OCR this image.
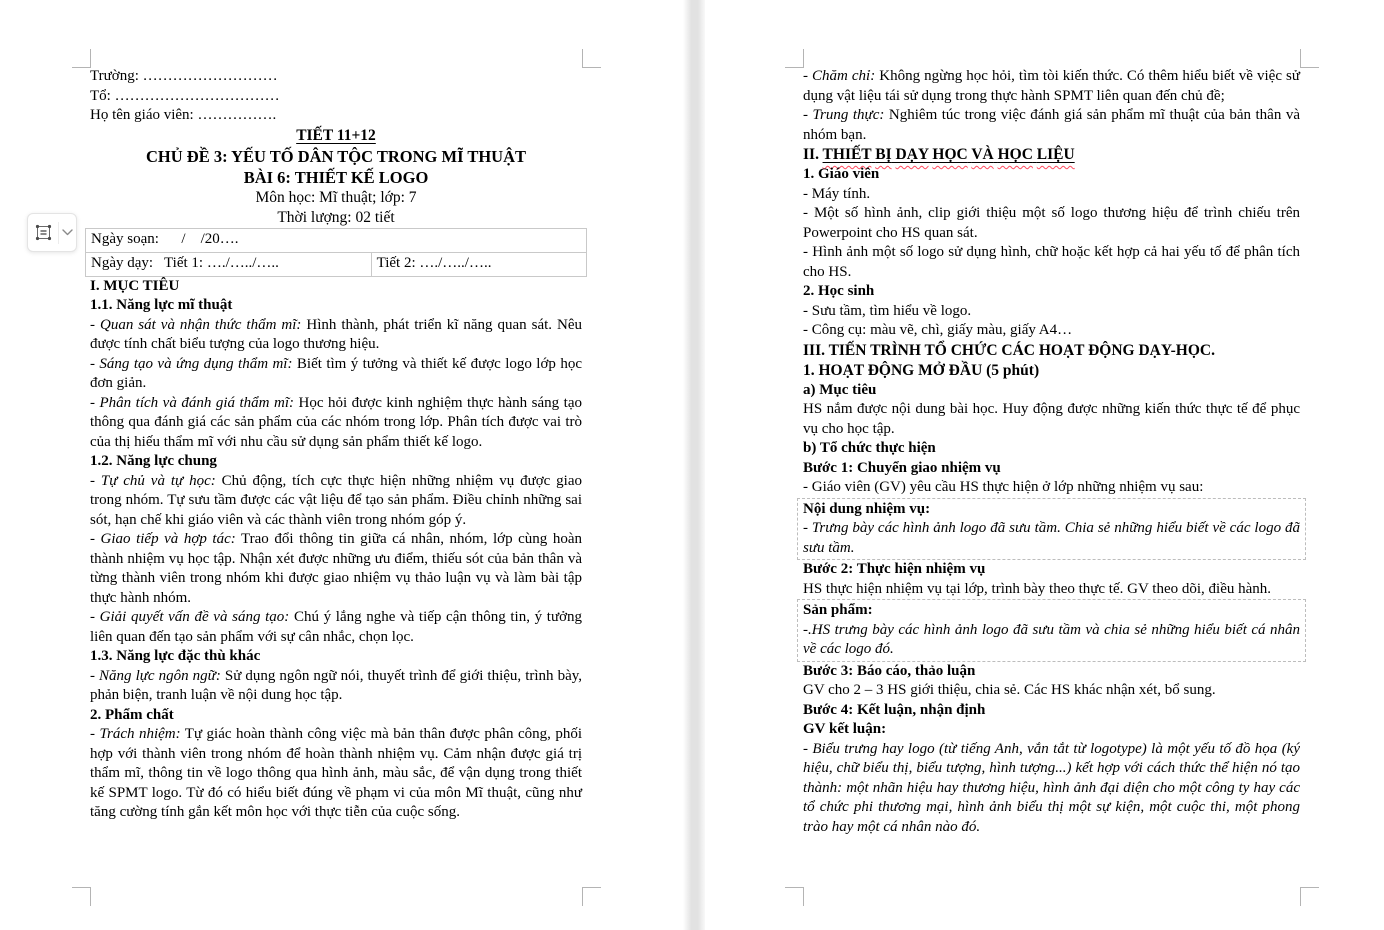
Trường: ………………………
Tổ: ……………………………
Họ tên giáo viên: …………….
TIẾT 11+12
CHỦ ĐỀ 3: YẾU TỐ DÂN TỘC TRONG MĨ THUẬT
BÀI 6: THIẾT KẾ LOGO
Môn học: Mĩ thuật; lớp: 7
Thời lượng: 02 tiết
Ngày soạn:      /    /20….
Ngày dạy:   Tiết 1: …./…../…..	Tiết 2: …./…../…..
I. MỤC TIÊU
1.1. Năng lực mĩ thuật
- Quan sát và nhận thức thẩm mĩ: Hình thành, phát triển kĩ năng quan sát. Nêu được tính chất biểu tượng của logo thương hiệu.
- Sáng tạo và ứng dụng thẩm mĩ: Biết tìm ý tưởng và thiết kế được logo lớp học đơn giản.
- Phân tích và đánh giá thẩm mĩ: Học hỏi được kinh nghiệm thực hành sáng tạo thông qua đánh giá các sản phẩm của các nhóm trong lớp. Phân tích được vai trò của thị hiếu thẩm mĩ với nhu cầu sử dụng sản phẩm thiết kế logo.
1.2. Năng lực chung
- Tự chủ và tự học: Chủ động, tích cực thực hiện những nhiệm vụ được giao trong nhóm. Tự sưu tầm được các vật liệu để tạo sản phẩm. Điều chỉnh những sai sót, hạn chế khi giáo viên và các thành viên trong nhóm góp ý.
- Giao tiếp và hợp tác: Trao đổi thông tin giữa cá nhân, nhóm, lớp cùng hoàn thành nhiệm vụ học tập. Nhận xét được những ưu điểm, thiếu sót của bản thân và từng thành viên trong nhóm khi được giao nhiệm vụ thảo luận vụ và làm bài tập thực hành nhóm.
- Giải quyết vấn đề và sáng tạo: Chú ý lắng nghe và tiếp cận thông tin, ý tưởng liên quan đến tạo sản phẩm với sự cân nhắc, chọn lọc.
1.3. Năng lực đặc thù khác
- Năng lực ngôn ngữ: Sử dụng ngôn ngữ nói, thuyết trình để giới thiệu, trình bày, phản biện, tranh luận về nội dung học tập.
2. Phẩm chất
- Trách nhiệm: Tự giác hoàn thành công việc mà bản thân được phân công, phối hợp với thành viên trong nhóm để hoàn thành nhiệm vụ. Cảm nhận được giá trị thẩm mĩ, thông tin về logo thông qua hình ảnh, màu sắc, để vận dụng trong thiết kế SPMT logo. Từ đó có hiểu biết đúng về phạm vi của môn Mĩ thuật, cũng như tăng cường tính gắn kết môn học với thực tiễn của cuộc sống.
- Chăm chỉ: Không ngừng học hỏi, tìm tòi kiến thức. Có thêm hiểu biết về việc sử dụng vật liệu tái sử dụng trong thực hành SPMT liên quan đến chủ đề;
- Trung thực: Nghiêm túc trong việc đánh giá sản phẩm mĩ thuật của bản thân và nhóm bạn.
II. THIẾT BỊ DẠY HỌC VÀ HỌC LIỆU
1. Giáo viên
- Máy tính.
- Một số hình ảnh, clip giới thiệu một số logo thương hiệu để trình chiếu trên Powerpoint cho HS quan sát.
- Hình ảnh một số logo sử dụng hình, chữ hoặc kết hợp cả hai yếu tố để phân tích cho HS.
2. Học sinh
- Sưu tầm, tìm hiểu về logo.
- Công cụ: màu vẽ, chì, giấy màu, giấy A4…
III. TIẾN TRÌNH TỔ CHỨC CÁC HOẠT ĐỘNG DẠY-HỌC.
1. HOẠT ĐỘNG MỞ ĐẦU (5 phút)
a) Mục tiêu
HS nắm được nội dung bài học. Huy động được những kiến thức thực tế để phục vụ cho học tập.
b) Tổ chức thực hiện
Bước 1: Chuyển giao nhiệm vụ
- Giáo viên (GV) yêu cầu HS thực hiện ở lớp những nhiệm vụ sau:
Nội dung nhiệm vụ:
- Trưng bày các hình ảnh logo đã sưu tầm. Chia sẻ những hiểu biết về các logo đã sưu tầm.
Bước 2: Thực hiện nhiệm vụ
HS thực hiện nhiệm vụ tại lớp, trình bày theo thực tế. GV theo dõi, điều hành.
Sản phẩm:
-.HS trưng bày các hình ảnh logo đã sưu tầm và chia sẻ những hiểu biết cá nhân về các logo đó.
Bước 3: Báo cáo, thảo luận
GV cho 2 – 3 HS giới thiệu, chia sẻ. Các HS khác nhận xét, bổ sung.
Bước 4: Kết luận, nhận định
GV kết luận:
- Biểu trưng hay logo (từ tiếng Anh, vắn tắt từ logotype) là một yếu tố đồ họa (ký hiệu, chữ biểu thị, biểu tượng, hình tượng...) kết hợp với cách thức thể hiện nó tạo thành: một nhãn hiệu hay thương hiệu, hình ảnh đại diện cho một công ty hay các tổ chức phi thương mại, hình ảnh biểu thị một sự kiện, một cuộc thi, một phong trào hay một cá nhân nào đó.
